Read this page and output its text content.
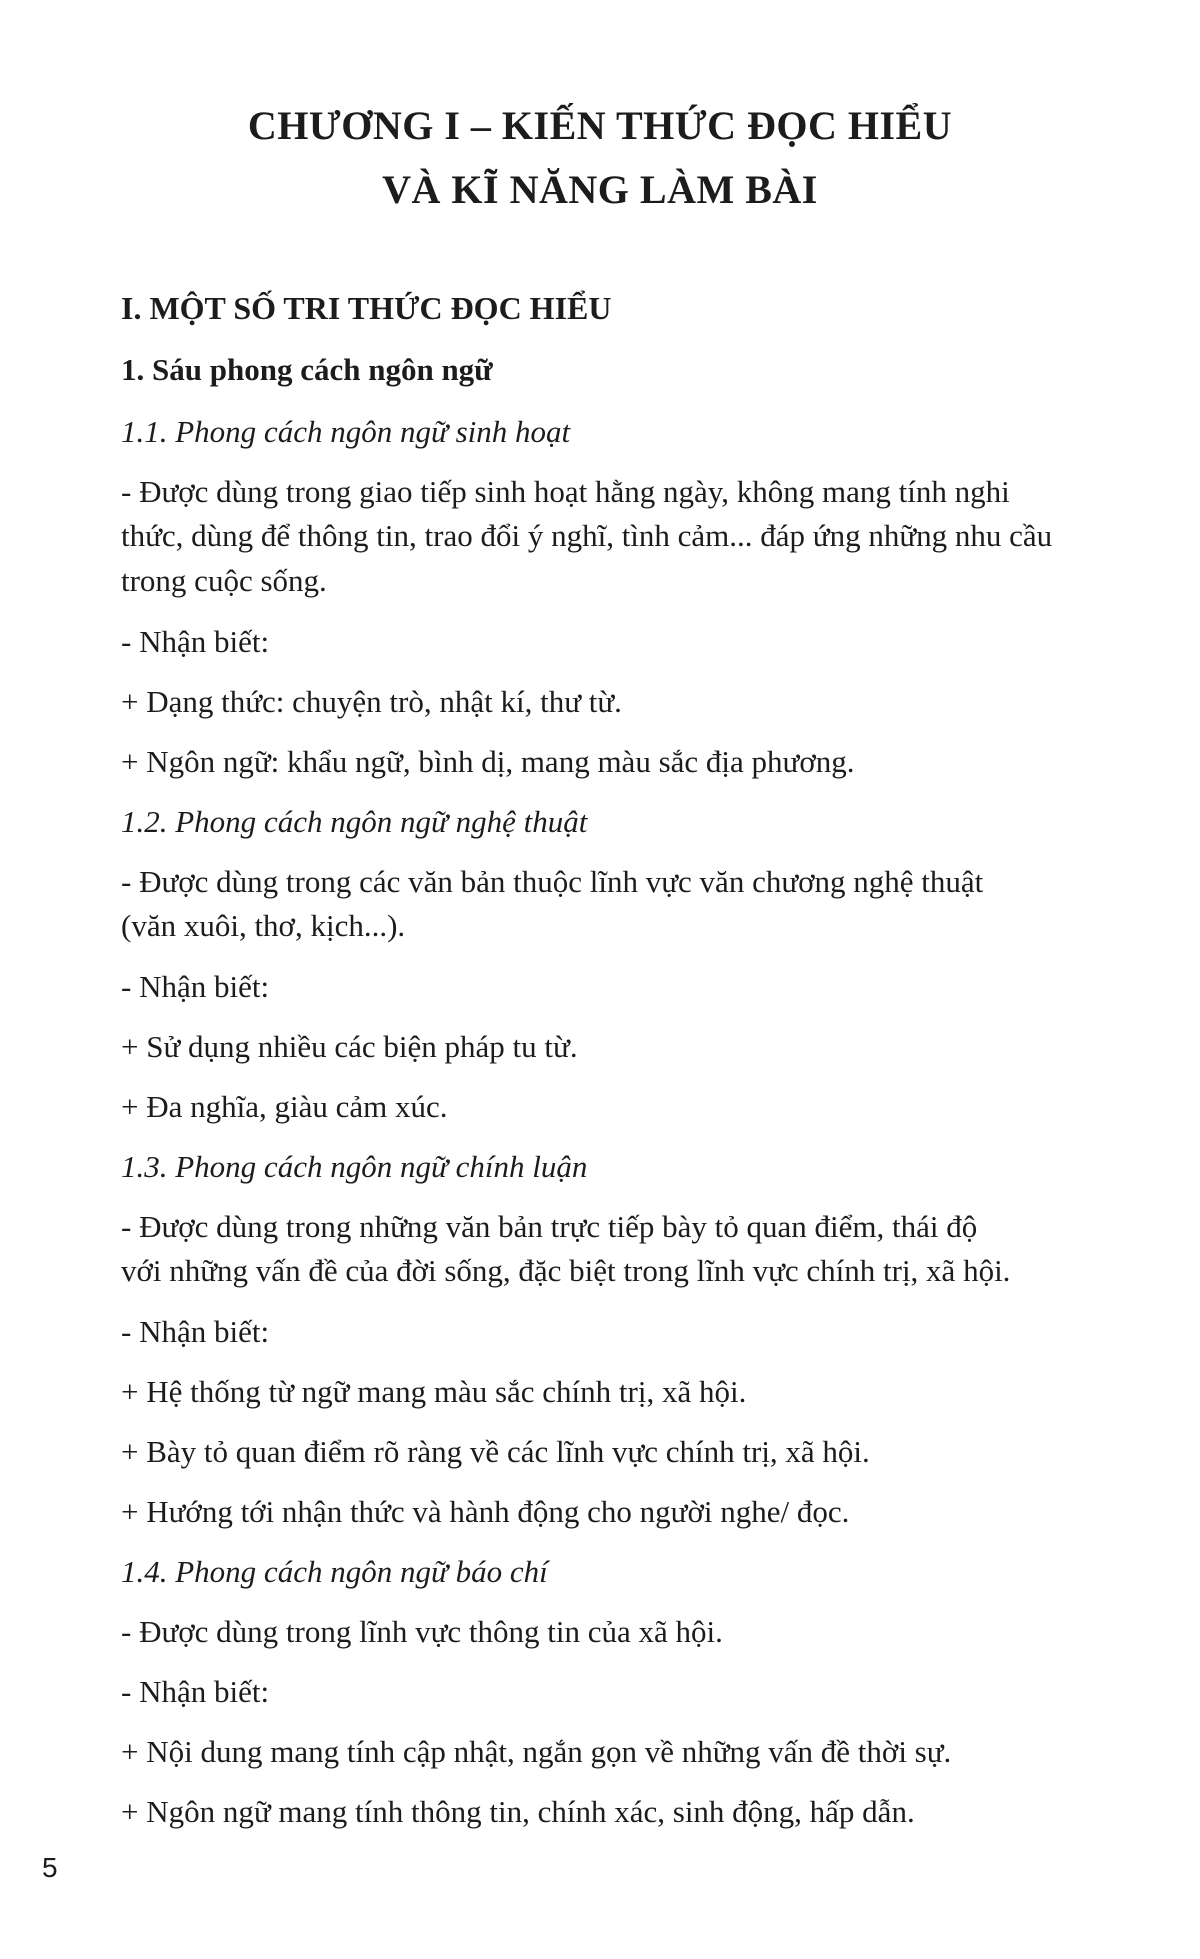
CHƯƠNG I – KIẾN THỨC ĐỌC HIỂU
VÀ KĨ NĂNG LÀM BÀI
I. MỘT SỐ TRI THỨC ĐỌC HIỂU
1. Sáu phong cách ngôn ngữ
1.1. Phong cách ngôn ngữ sinh hoạt
- Được dùng trong giao tiếp sinh hoạt hằng ngày, không mang tính nghi
thức, dùng để thông tin, trao đổi ý nghĩ, tình cảm... đáp ứng những nhu cầu
trong cuộc sống.
- Nhận biết:
+ Dạng thức: chuyện trò, nhật kí, thư từ.
+ Ngôn ngữ: khẩu ngữ, bình dị, mang màu sắc địa phương.
1.2. Phong cách ngôn ngữ nghệ thuật
- Được dùng trong các văn bản thuộc lĩnh vực văn chương nghệ thuật
(văn xuôi, thơ, kịch...).
- Nhận biết:
+ Sử dụng nhiều các biện pháp tu từ.
+ Đa nghĩa, giàu cảm xúc.
1.3. Phong cách ngôn ngữ chính luận
- Được dùng trong những văn bản trực tiếp bày tỏ quan điểm, thái độ
với những vấn đề của đời sống, đặc biệt trong lĩnh vực chính trị, xã hội.
- Nhận biết:
+ Hệ thống từ ngữ mang màu sắc chính trị, xã hội.
+ Bày tỏ quan điểm rõ ràng về các lĩnh vực chính trị, xã hội.
+ Hướng tới nhận thức và hành động cho người nghe/ đọc.
1.4. Phong cách ngôn ngữ báo chí
- Được dùng trong lĩnh vực thông tin của xã hội.
- Nhận biết:
+ Nội dung mang tính cập nhật, ngắn gọn về những vấn đề thời sự.
+ Ngôn ngữ mang tính thông tin, chính xác, sinh động, hấp dẫn.
5
